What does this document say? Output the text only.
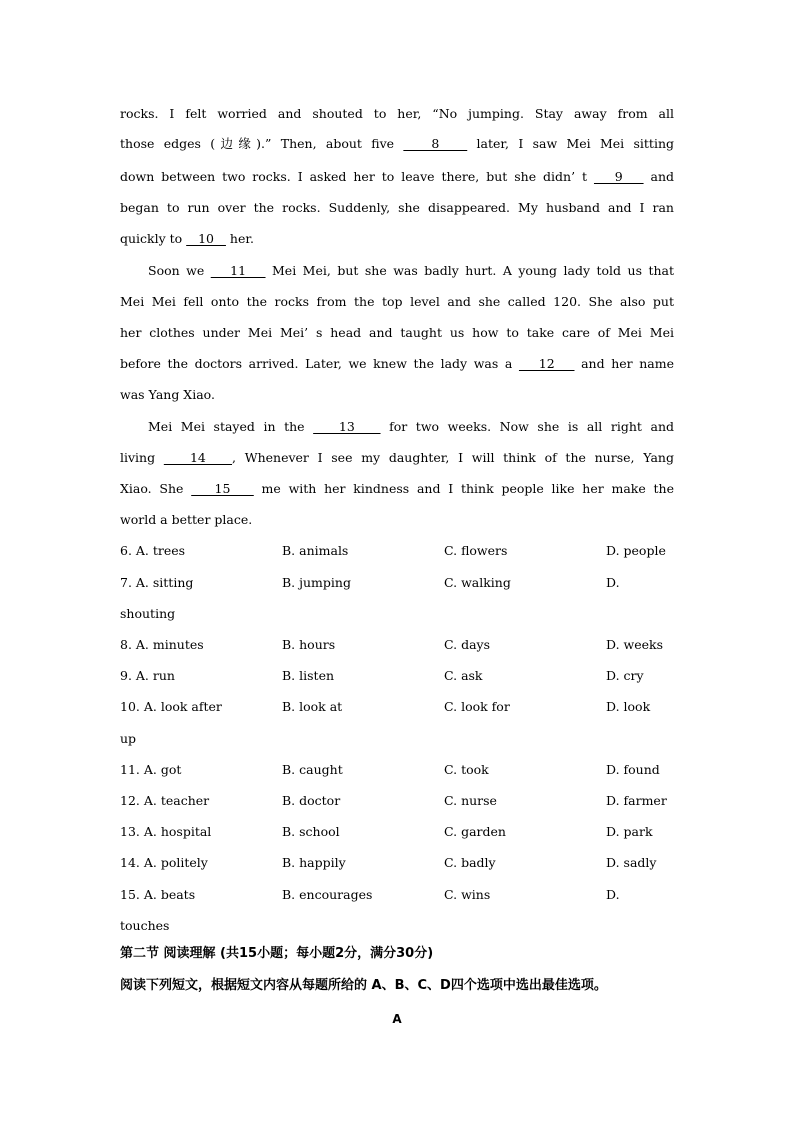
rocks. I felt worried and shouted to her, “No jumping. Stay away from all
those edges (边缘).” Then, about five    8    later, I saw Mei Mei sitting
down between two rocks. I asked her to leave there, but she didn’ t    9    and
began to run over the rocks. Suddenly, she disappeared. My husband and I ran
quickly to    10    her.
Soon we    11    Mei Mei, but she was badly hurt. A young lady told us that
Mei Mei fell onto the rocks from the top level and she called 120. She also put
her clothes under Mei Mei’ s head and taught us how to take care of Mei Mei
before the doctors arrived. Later, we knew the lady was a    12    and her name
was Yang Xiao.
Mei Mei stayed in the    13    for two weeks. Now she is all right and
living    14   , Whenever I see my daughter, I will think of the nurse, Yang
Xiao. She    15    me with her kindness and I think people like her make the
world a better place.
6. A. trees	B. animals	C. flowers	D. people
7. A. sitting	B. jumping	C. walking	D.
shouting
8. A. minutes	B. hours	C. days	D. weeks
9. A. run	B. listen	C. ask	D. cry
10. A. look after	B. look at	C. look for	D. look
up
11. A. got	B. caught	C. took	D. found
12. A. teacher	B. doctor	C. nurse	D. farmer
13. A. hospital	B. school	C. garden	D. park
14. A. politely	B. happily	C. badly	D. sadly
15. A. beats	B. encourages	C. wins	D.
touches
第二节 阅读理解 (共15小题；每小题2分，满分30分)
阅读下列短文，根据短文内容从每题所给的 A、B、C、D四个选项中选出最佳选项。
A
